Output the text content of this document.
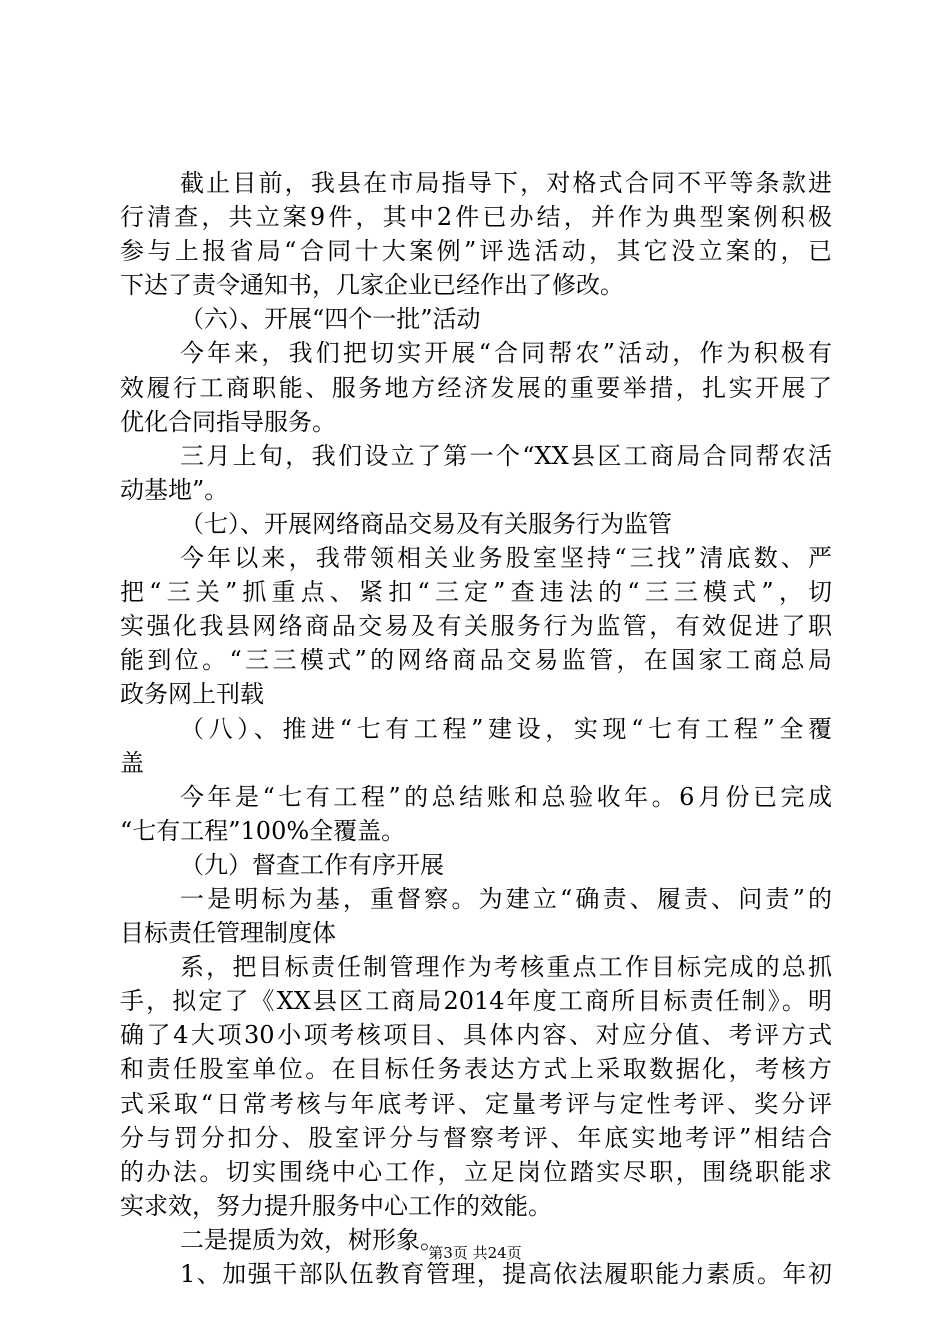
截止目前，我县在市局指导下，对格式合同不平等条款进
行清查，共立案9件，其中2件已办结，并作为典型案例积极
参与上报省局“合同十大案例”评选活动，其它没立案的，已
下达了责令通知书，几家企业已经作出了修改。
（六）、开展“四个一批”活动
今年来，我们把切实开展“合同帮农”活动，作为积极有
效履行工商职能、服务地方经济发展的重要举措，扎实开展了
优化合同指导服务。
三月上旬，我们设立了第一个“XX县区工商局合同帮农活
动基地”。
（七）、开展网络商品交易及有关服务行为监管
今年以来，我带领相关业务股室坚持“三找”清底数、严
把“三关”抓重点、紧扣“三定”查违法的“三三模式”，切
实强化我县网络商品交易及有关服务行为监管，有效促进了职
能到位。“三三模式”的网络商品交易监管，在国家工商总局
政务网上刊载
（八）、推进“七有工程”建设，实现“七有工程”全覆
盖
今年是“七有工程”的总结账和总验收年。6月份已完成
“七有工程”100%全覆盖。
（九）督查工作有序开展
一是明标为基，重督察。为建立“确责、履责、问责”的
目标责任管理制度体
系，把目标责任制管理作为考核重点工作目标完成的总抓
手，拟定了《XX县区工商局2014年度工商所目标责任制》。明
确了4大项30小项考核项目、具体内容、对应分值、考评方式
和责任股室单位。在目标任务表达方式上采取数据化，考核方
式采取“日常考核与年底考评、定量考评与定性考评、奖分评
分与罚分扣分、股室评分与督察考评、年底实地考评”相结合
的办法。切实围绕中心工作，立足岗位踏实尽职，围绕职能求
实求效，努力提升服务中心工作的效能。
二是提质为效，树形象。
1、加强干部队伍教育管理，提高依法履职能力素质。年初
第3页 共24页
